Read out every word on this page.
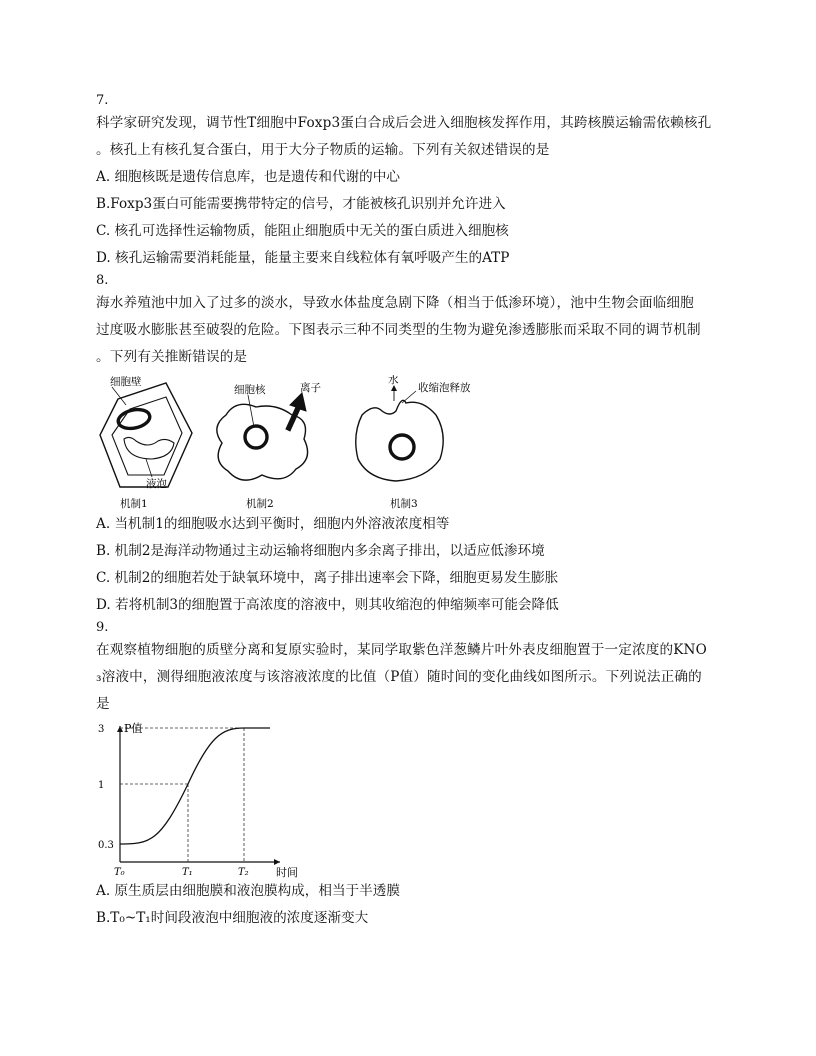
7.
科学家研究发现，调节性T细胞中Foxp3蛋白合成后会进入细胞核发挥作用，其跨核膜运输需依赖核孔
。核孔上有核孔复合蛋白，用于大分子物质的运输。下列有关叙述错误的是
A. 细胞核既是遗传信息库，也是遗传和代谢的中心
B.Foxp3蛋白可能需要携带特定的信号，才能被核孔识别并允许进入
C. 核孔可选择性运输物质，能阻止细胞质中无关的蛋白质进入细胞核
D. 核孔运输需要消耗能量，能量主要来自线粒体有氧呼吸产生的ATP
8.
海水养殖池中加入了过多的淡水，导致水体盐度急剧下降（相当于低渗环境），池中生物会面临细胞
过度吸水膨胀甚至破裂的危险。下图表示三种不同类型的生物为避免渗透膨胀而采取不同的调节机制
。下列有关推断错误的是
细胞壁
液泡
机制1
细胞核	离子
机制2
水
收缩泡释放
机制3
A. 当机制1的细胞吸水达到平衡时，细胞内外溶液浓度相等
B. 机制2是海洋动物通过主动运输将细胞内多余离子排出，以适应低渗环境
C. 机制2的细胞若处于缺氧环境中，离子排出速率会下降，细胞更易发生膨胀
D. 若将机制3的细胞置于高浓度的溶液中，则其收缩泡的伸缩频率可能会降低
9.
在观察植物细胞的质壁分离和复原实验时，某同学取紫色洋葱鳞片叶外表皮细胞置于一定浓度的KNO
₃溶液中，测得细胞液浓度与该溶液浓度的比值（P值）随时间的变化曲线如图所示。下列说法正确的
是
0.3
1
3
T₀	T₁	T₂
P值
时间
A. 原生质层由细胞膜和液泡膜构成，相当于半透膜
B.T₀~T₁时间段液泡中细胞液的浓度逐渐变大
